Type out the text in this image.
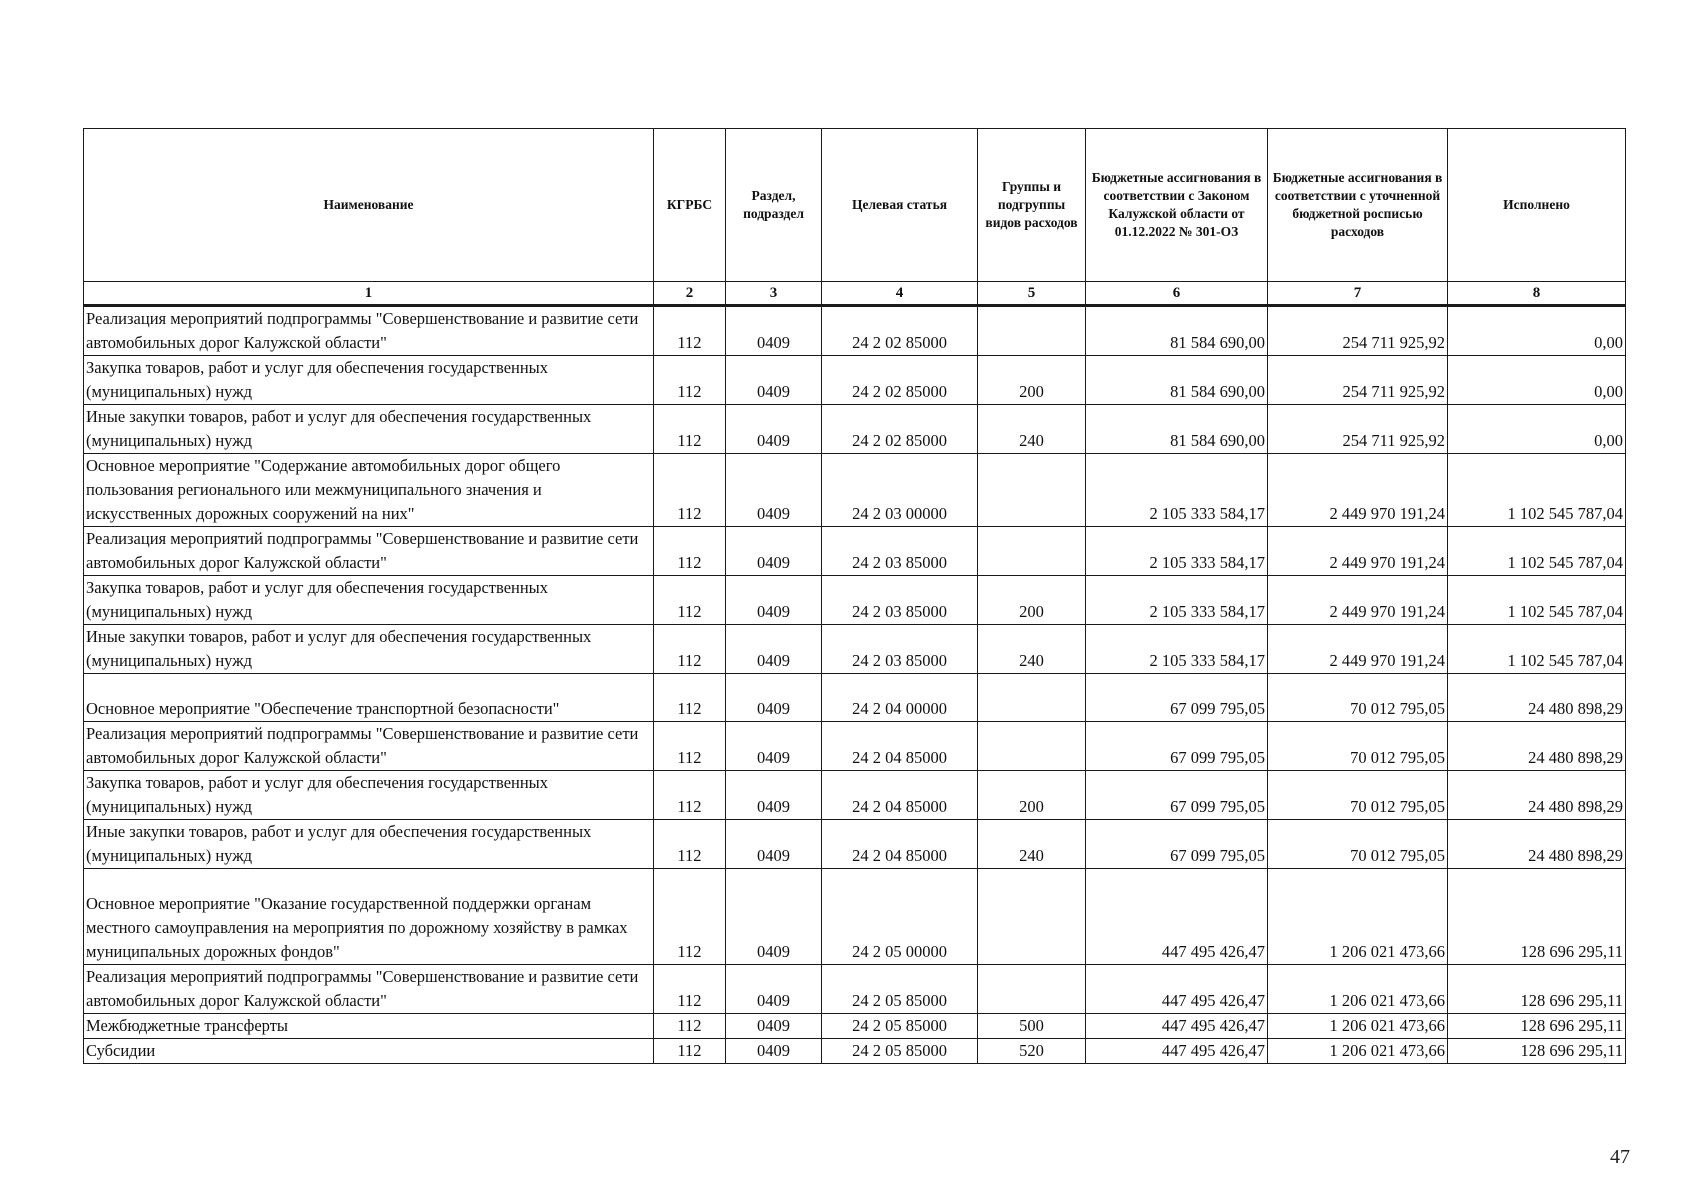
Наименование	КГРБС	Раздел, подраздел	Целевая статья	Группы и подгруппы видов расходов	Бюджетные ассигнования в соответствии с Законом Калужской области от 01.12.2022 № 301-ОЗ	Бюджетные ассигнования в соответствии с уточненной бюджетной росписью расходов	Исполнено
1	2	3	4	5	6	7	8
Реализация мероприятий подпрограммы "Совершенствование и развитие сети автомобильных дорог Калужской области"	112	0409	24 2 02 85000		81 584 690,00	254 711 925,92	0,00
Закупка товаров, работ и услуг для обеспечения государственных (муниципальных) нужд	112	0409	24 2 02 85000	200	81 584 690,00	254 711 925,92	0,00
Иные закупки товаров, работ и услуг для обеспечения государственных (муниципальных) нужд	112	0409	24 2 02 85000	240	81 584 690,00	254 711 925,92	0,00
Основное мероприятие "Содержание автомобильных дорог общего пользования регионального или межмуниципального значения и искусственных дорожных сооружений на них"	112	0409	24 2 03 00000		2 105 333 584,17	2 449 970 191,24	1 102 545 787,04
Реализация мероприятий подпрограммы "Совершенствование и развитие сети автомобильных дорог Калужской области"	112	0409	24 2 03 85000		2 105 333 584,17	2 449 970 191,24	1 102 545 787,04
Закупка товаров, работ и услуг для обеспечения государственных (муниципальных) нужд	112	0409	24 2 03 85000	200	2 105 333 584,17	2 449 970 191,24	1 102 545 787,04
Иные закупки товаров, работ и услуг для обеспечения государственных (муниципальных) нужд	112	0409	24 2 03 85000	240	2 105 333 584,17	2 449 970 191,24	1 102 545 787,04
Основное мероприятие "Обеспечение транспортной безопасности"	112	0409	24 2 04 00000		67 099 795,05	70 012 795,05	24 480 898,29
Реализация мероприятий подпрограммы "Совершенствование и развитие сети автомобильных дорог Калужской области"	112	0409	24 2 04 85000		67 099 795,05	70 012 795,05	24 480 898,29
Закупка товаров, работ и услуг для обеспечения государственных (муниципальных) нужд	112	0409	24 2 04 85000	200	67 099 795,05	70 012 795,05	24 480 898,29
Иные закупки товаров, работ и услуг для обеспечения государственных (муниципальных) нужд	112	0409	24 2 04 85000	240	67 099 795,05	70 012 795,05	24 480 898,29
Основное мероприятие "Оказание государственной поддержки органам местного самоуправления на мероприятия по дорожному хозяйству в рамках муниципальных дорожных фондов"	112	0409	24 2 05 00000		447 495 426,47	1 206 021 473,66	128 696 295,11
Реализация мероприятий подпрограммы "Совершенствование и развитие сети автомобильных дорог Калужской области"	112	0409	24 2 05 85000		447 495 426,47	1 206 021 473,66	128 696 295,11
Межбюджетные трансферты	112	0409	24 2 05 85000	500	447 495 426,47	1 206 021 473,66	128 696 295,11
Субсидии	112	0409	24 2 05 85000	520	447 495 426,47	1 206 021 473,66	128 696 295,11
47
